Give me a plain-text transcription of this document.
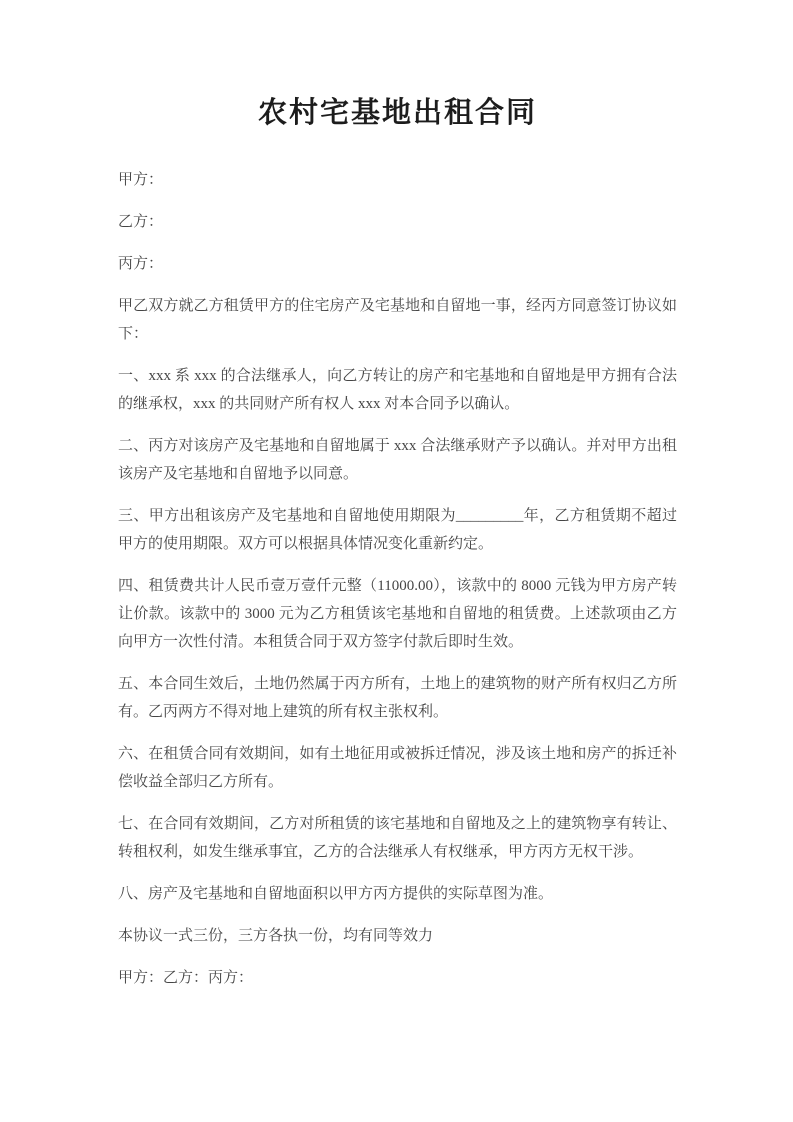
农村宅基地出租合同

甲方：

乙方：

丙方：

甲乙双方就乙方租赁甲方的住宅房产及宅基地和自留地一事，经丙方同意签订协议如下：

一、xxx 系 xxx 的合法继承人，向乙方转让的房产和宅基地和自留地是甲方拥有合法的继承权，xxx 的共同财产所有权人 xxx 对本合同予以确认。

二、丙方对该房产及宅基地和自留地属于 xxx 合法继承财产予以确认。并对甲方出租该房产及宅基地和自留地予以同意。

三、甲方出租该房产及宅基地和自留地使用期限为_________年，乙方租赁期不超过甲方的使用期限。双方可以根据具体情况变化重新约定。

四、租赁费共计人民币壹万壹仟元整（11000.00），该款中的 8000 元钱为甲方房产转让价款。该款中的 3000 元为乙方租赁该宅基地和自留地的租赁费。上述款项由乙方向甲方一次性付清。本租赁合同于双方签字付款后即时生效。

五、本合同生效后，土地仍然属于丙方所有，土地上的建筑物的财产所有权归乙方所有。乙丙两方不得对地上建筑的所有权主张权利。

六、在租赁合同有效期间，如有土地征用或被拆迁情况，涉及该土地和房产的拆迁补偿收益全部归乙方所有。

七、在合同有效期间，乙方对所租赁的该宅基地和自留地及之上的建筑物享有转让、转租权利，如发生继承事宜，乙方的合法继承人有权继承，甲方丙方无权干涉。

八、房产及宅基地和自留地面积以甲方丙方提供的实际草图为准。

本协议一式三份，三方各执一份，均有同等效力

甲方：乙方：丙方：
